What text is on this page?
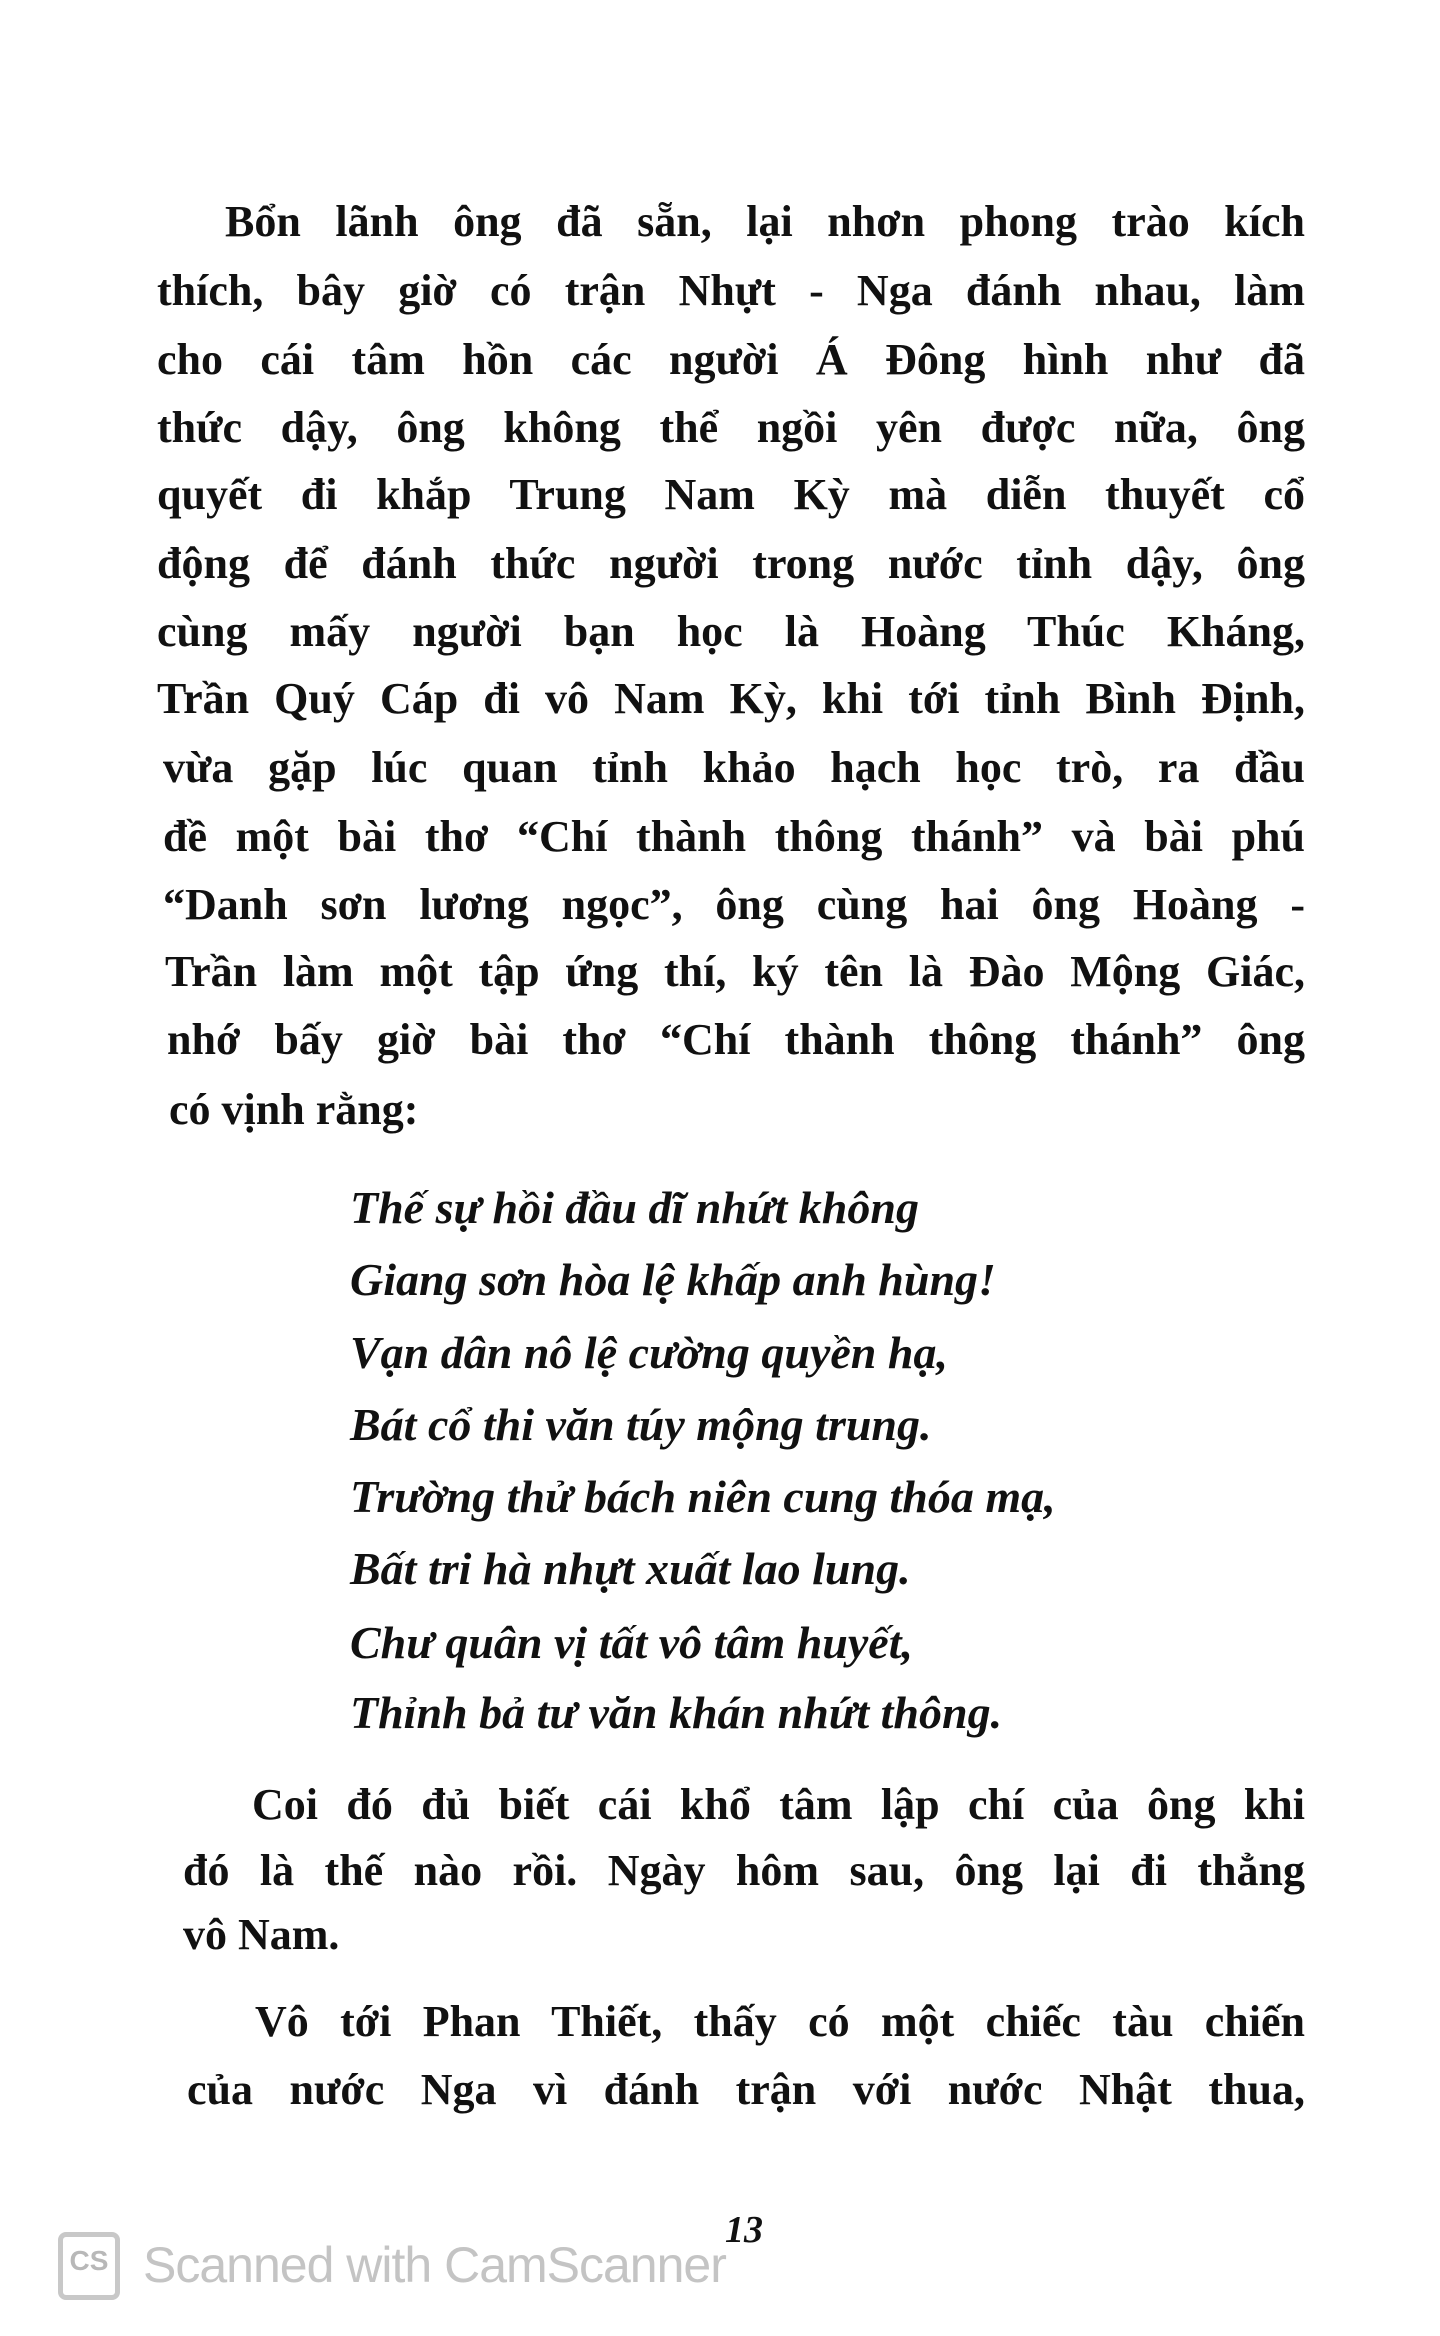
Bổn lãnh ông đã sẵn, lại nhơn phong trào kích
thích, bây giờ có trận Nhựt - Nga đánh nhau, làm
cho cái tâm hồn các người Á Đông hình như đã
thức dậy, ông không thể ngồi yên được nữa, ông
quyết đi khắp Trung Nam Kỳ mà diễn thuyết cổ
động để đánh thức người trong nước tỉnh dậy, ông
cùng mấy người bạn học là Hoàng Thúc Kháng,
Trần Quý Cáp đi vô Nam Kỳ, khi tới tỉnh Bình Định,
vừa gặp lúc quan tỉnh khảo hạch học trò, ra đầu
đề một bài thơ “Chí thành thông thánh” và bài phú
“Danh sơn lương ngọc”, ông cùng hai ông Hoàng -
Trần làm một tập ứng thí, ký tên là Đào Mộng Giác,
nhớ bấy giờ bài thơ “Chí thành thông thánh” ông
có vịnh rằng:
Thế sự hồi đầu dĩ nhứt không
Giang sơn hòa lệ khấp anh hùng!
Vạn dân nô lệ cường quyền hạ,
Bát cổ thi văn túy mộng trung.
Trường thử bách niên cung thóa mạ,
Bất tri hà nhựt xuất lao lung.
Chư quân vị tất vô tâm huyết,
Thỉnh bả tư văn khán nhứt thông.
Coi đó đủ biết cái khổ tâm lập chí của ông khi
đó là thế nào rồi. Ngày hôm sau, ông lại đi thẳng
vô Nam.
Vô tới Phan Thiết, thấy có một chiếc tàu chiến
của nước Nga vì đánh trận với nước Nhật thua,
13
CS Scanned with CamScanner
